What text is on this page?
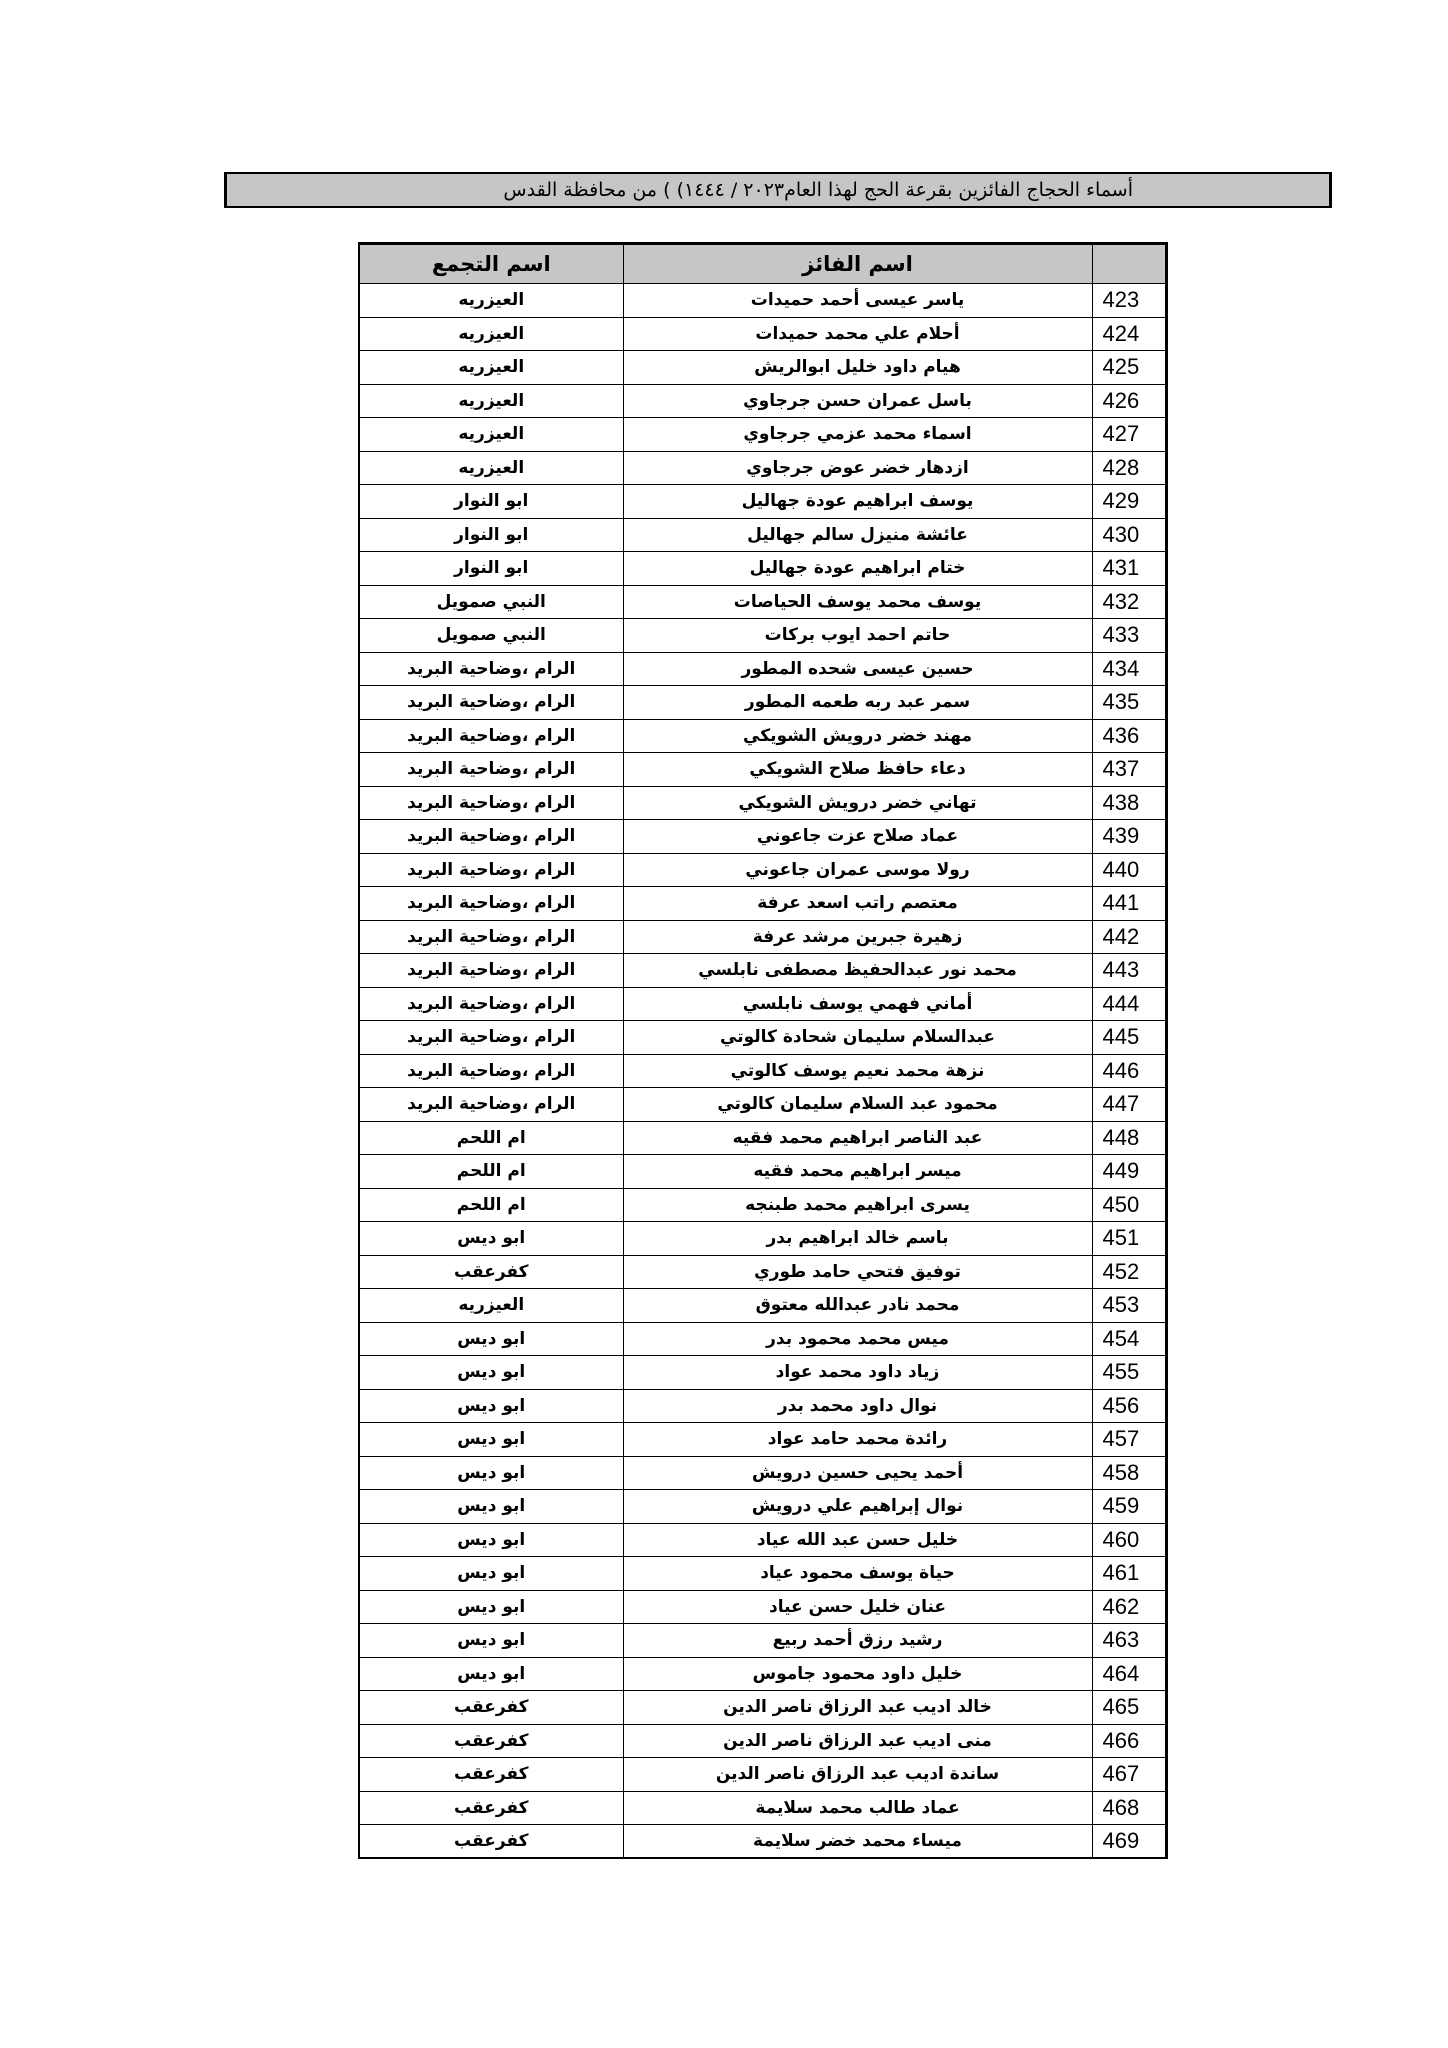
أسماء الحجاج الفائزين بقرعة الحج لهذا العام٢٠٢٣ / ١٤٤٤) ) من محافظة القدس
اسم التجمع	اسم الفائز	
العيزريه	ياسر عيسى أحمد حميدات	423
العيزريه	أحلام علي محمد حميدات	424
العيزريه	هيام داود خليل ابوالريش	425
العيزريه	باسل عمران حسن جرجاوي	426
العيزريه	اسماء محمد عزمي جرجاوي	427
العيزريه	ازدهار خضر عوض جرجاوي	428
ابو النوار	يوسف ابراهيم عودة جهاليل	429
ابو النوار	عائشة منيزل سالم جهاليل	430
ابو النوار	ختام ابراهيم عودة جهاليل	431
النبي صمويل	يوسف محمد يوسف الحياصات	432
النبي صمويل	حاتم احمد ايوب بركات	433
الرام ،وضاحية البريد	حسين عيسى شحده المطور	434
الرام ،وضاحية البريد	سمر عبد ربه طعمه المطور	435
الرام ،وضاحية البريد	مهند خضر درويش الشويكي	436
الرام ،وضاحية البريد	دعاء حافظ صلاح الشويكي	437
الرام ،وضاحية البريد	تهاني خضر درويش الشويكي	438
الرام ،وضاحية البريد	عماد صلاح عزت جاعوني	439
الرام ،وضاحية البريد	رولا موسى عمران جاعوني	440
الرام ،وضاحية البريد	معتصم راتب اسعد عرفة	441
الرام ،وضاحية البريد	زهيرة جبرين مرشد عرفة	442
الرام ،وضاحية البريد	محمد نور عبدالحفيظ مصطفى نابلسي	443
الرام ،وضاحية البريد	أماني فهمي يوسف نابلسي	444
الرام ،وضاحية البريد	عبدالسلام سليمان شحادة كالوتي	445
الرام ،وضاحية البريد	نزهة محمد نعيم يوسف كالوتي	446
الرام ،وضاحية البريد	محمود عبد السلام سليمان كالوتي	447
ام اللحم	عبد الناصر ابراهيم محمد فقيه	448
ام اللحم	ميسر ابراهيم محمد فقيه	449
ام اللحم	يسرى ابراهيم محمد طبنجه	450
ابو ديس	باسم خالد ابراهيم بدر	451
كفرعقب	توفيق فتحي حامد طوري	452
العيزريه	محمد نادر عبدالله معتوق	453
ابو ديس	ميس محمد محمود بدر	454
ابو ديس	زياد داود محمد عواد	455
ابو ديس	نوال داود محمد بدر	456
ابو ديس	رائدة محمد حامد عواد	457
ابو ديس	أحمد يحيى حسين درويش	458
ابو ديس	نوال إبراهيم علي درويش	459
ابو ديس	خليل حسن عبد الله عياد	460
ابو ديس	حياة يوسف محمود عياد	461
ابو ديس	عنان خليل حسن عياد	462
ابو ديس	رشيد رزق أحمد ربيع	463
ابو ديس	خليل داود محمود جاموس	464
كفرعقب	خالد اديب عبد الرزاق ناصر الدين	465
كفرعقب	منى اديب عبد الرزاق ناصر الدين	466
كفرعقب	ساندة اديب عبد الرزاق ناصر الدين	467
كفرعقب	عماد طالب محمد سلايمة	468
كفرعقب	ميساء محمد خضر سلايمة	469
